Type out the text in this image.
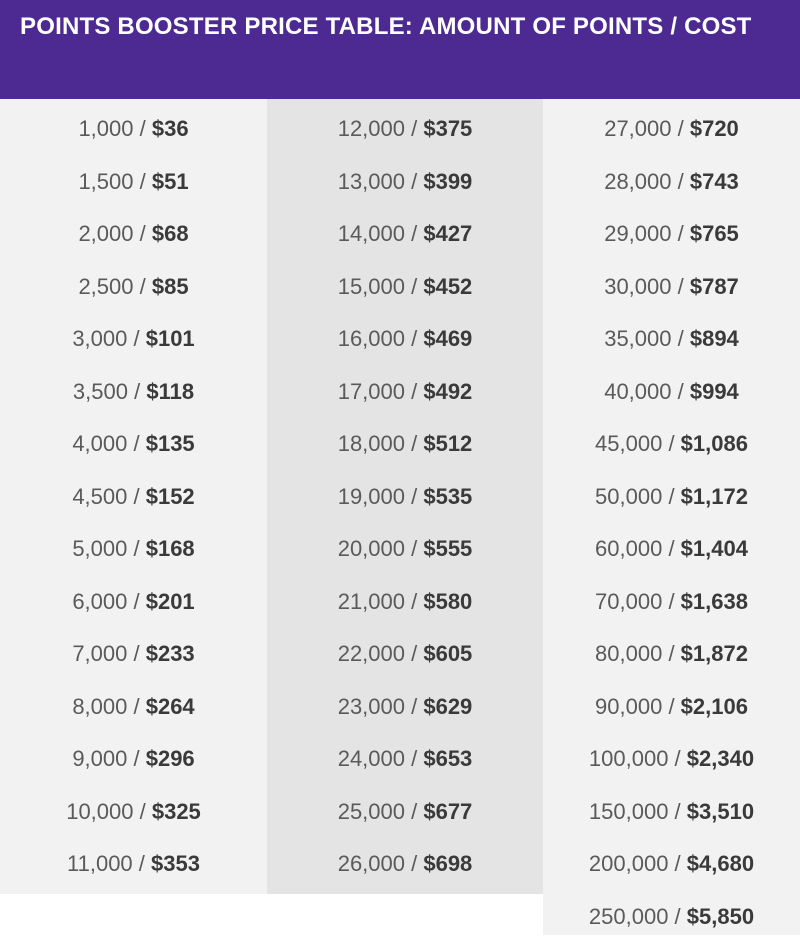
POINTS BOOSTER PRICE TABLE: AMOUNT OF POINTS / COST
1,000 / $36
1,500 / $51
2,000 / $68
2,500 / $85
3,000 / $101
3,500 / $118
4,000 / $135
4,500 / $152
5,000 / $168
6,000 / $201
7,000 / $233
8,000 / $264
9,000 / $296
10,000 / $325
11,000 / $353
12,000 / $375
13,000 / $399
14,000 / $427
15,000 / $452
16,000 / $469
17,000 / $492
18,000 / $512
19,000 / $535
20,000 / $555
21,000 / $580
22,000 / $605
23,000 / $629
24,000 / $653
25,000 / $677
26,000 / $698
27,000 / $720
28,000 / $743
29,000 / $765
30,000 / $787
35,000 / $894
40,000 / $994
45,000 / $1,086
50,000 / $1,172
60,000 / $1,404
70,000 / $1,638
80,000 / $1,872
90,000 / $2,106
100,000 / $2,340
150,000 / $3,510
200,000 / $4,680
250,000 / $5,850
